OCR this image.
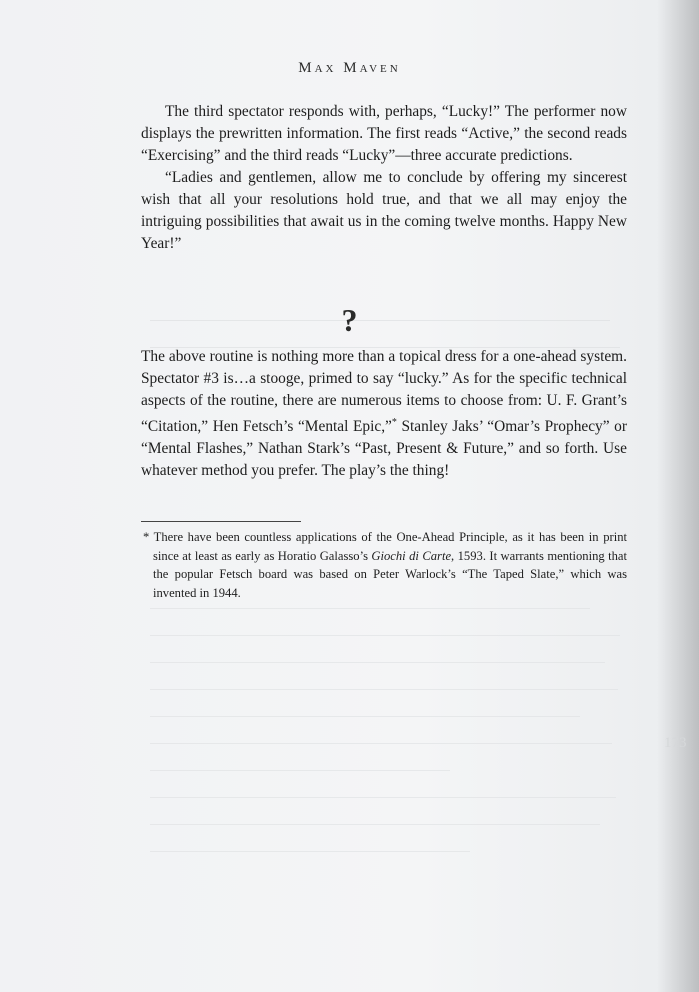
Max Maven

The third spectator responds with, perhaps, “Lucky!” The performer now displays the prewritten information. The first reads “Active,” the second reads “Exercising” and the third reads “Lucky”—three accurate predictions.

“Ladies and gentlemen, allow me to conclude by offering my sincerest wish that all your resolutions hold true, and that we all may enjoy the intriguing possibilities that await us in the coming twelve months. Happy New Year!”

?

The above routine is nothing more than a topical dress for a one-ahead system. Spectator #3 is…a stooge, primed to say “lucky.” As for the specific technical aspects of the routine, there are numerous items to choose from: U. F. Grant’s “Citation,” Hen Fetsch’s “Mental Epic,”* Stanley Jaks’ “Omar’s Prophecy” or “Mental Flashes,” Nathan Stark’s “Past, Present & Future,” and so forth. Use whatever method you prefer. The play’s the thing!

* There have been countless applications of the One-Ahead Principle, as it has been in print since at least as early as Horatio Galasso’s Giochi di Carte, 1593. It warrants mentioning that the popular Fetsch board was based on Peter Warlock’s “The Taped Slate,” which was invented in 1944.
173
